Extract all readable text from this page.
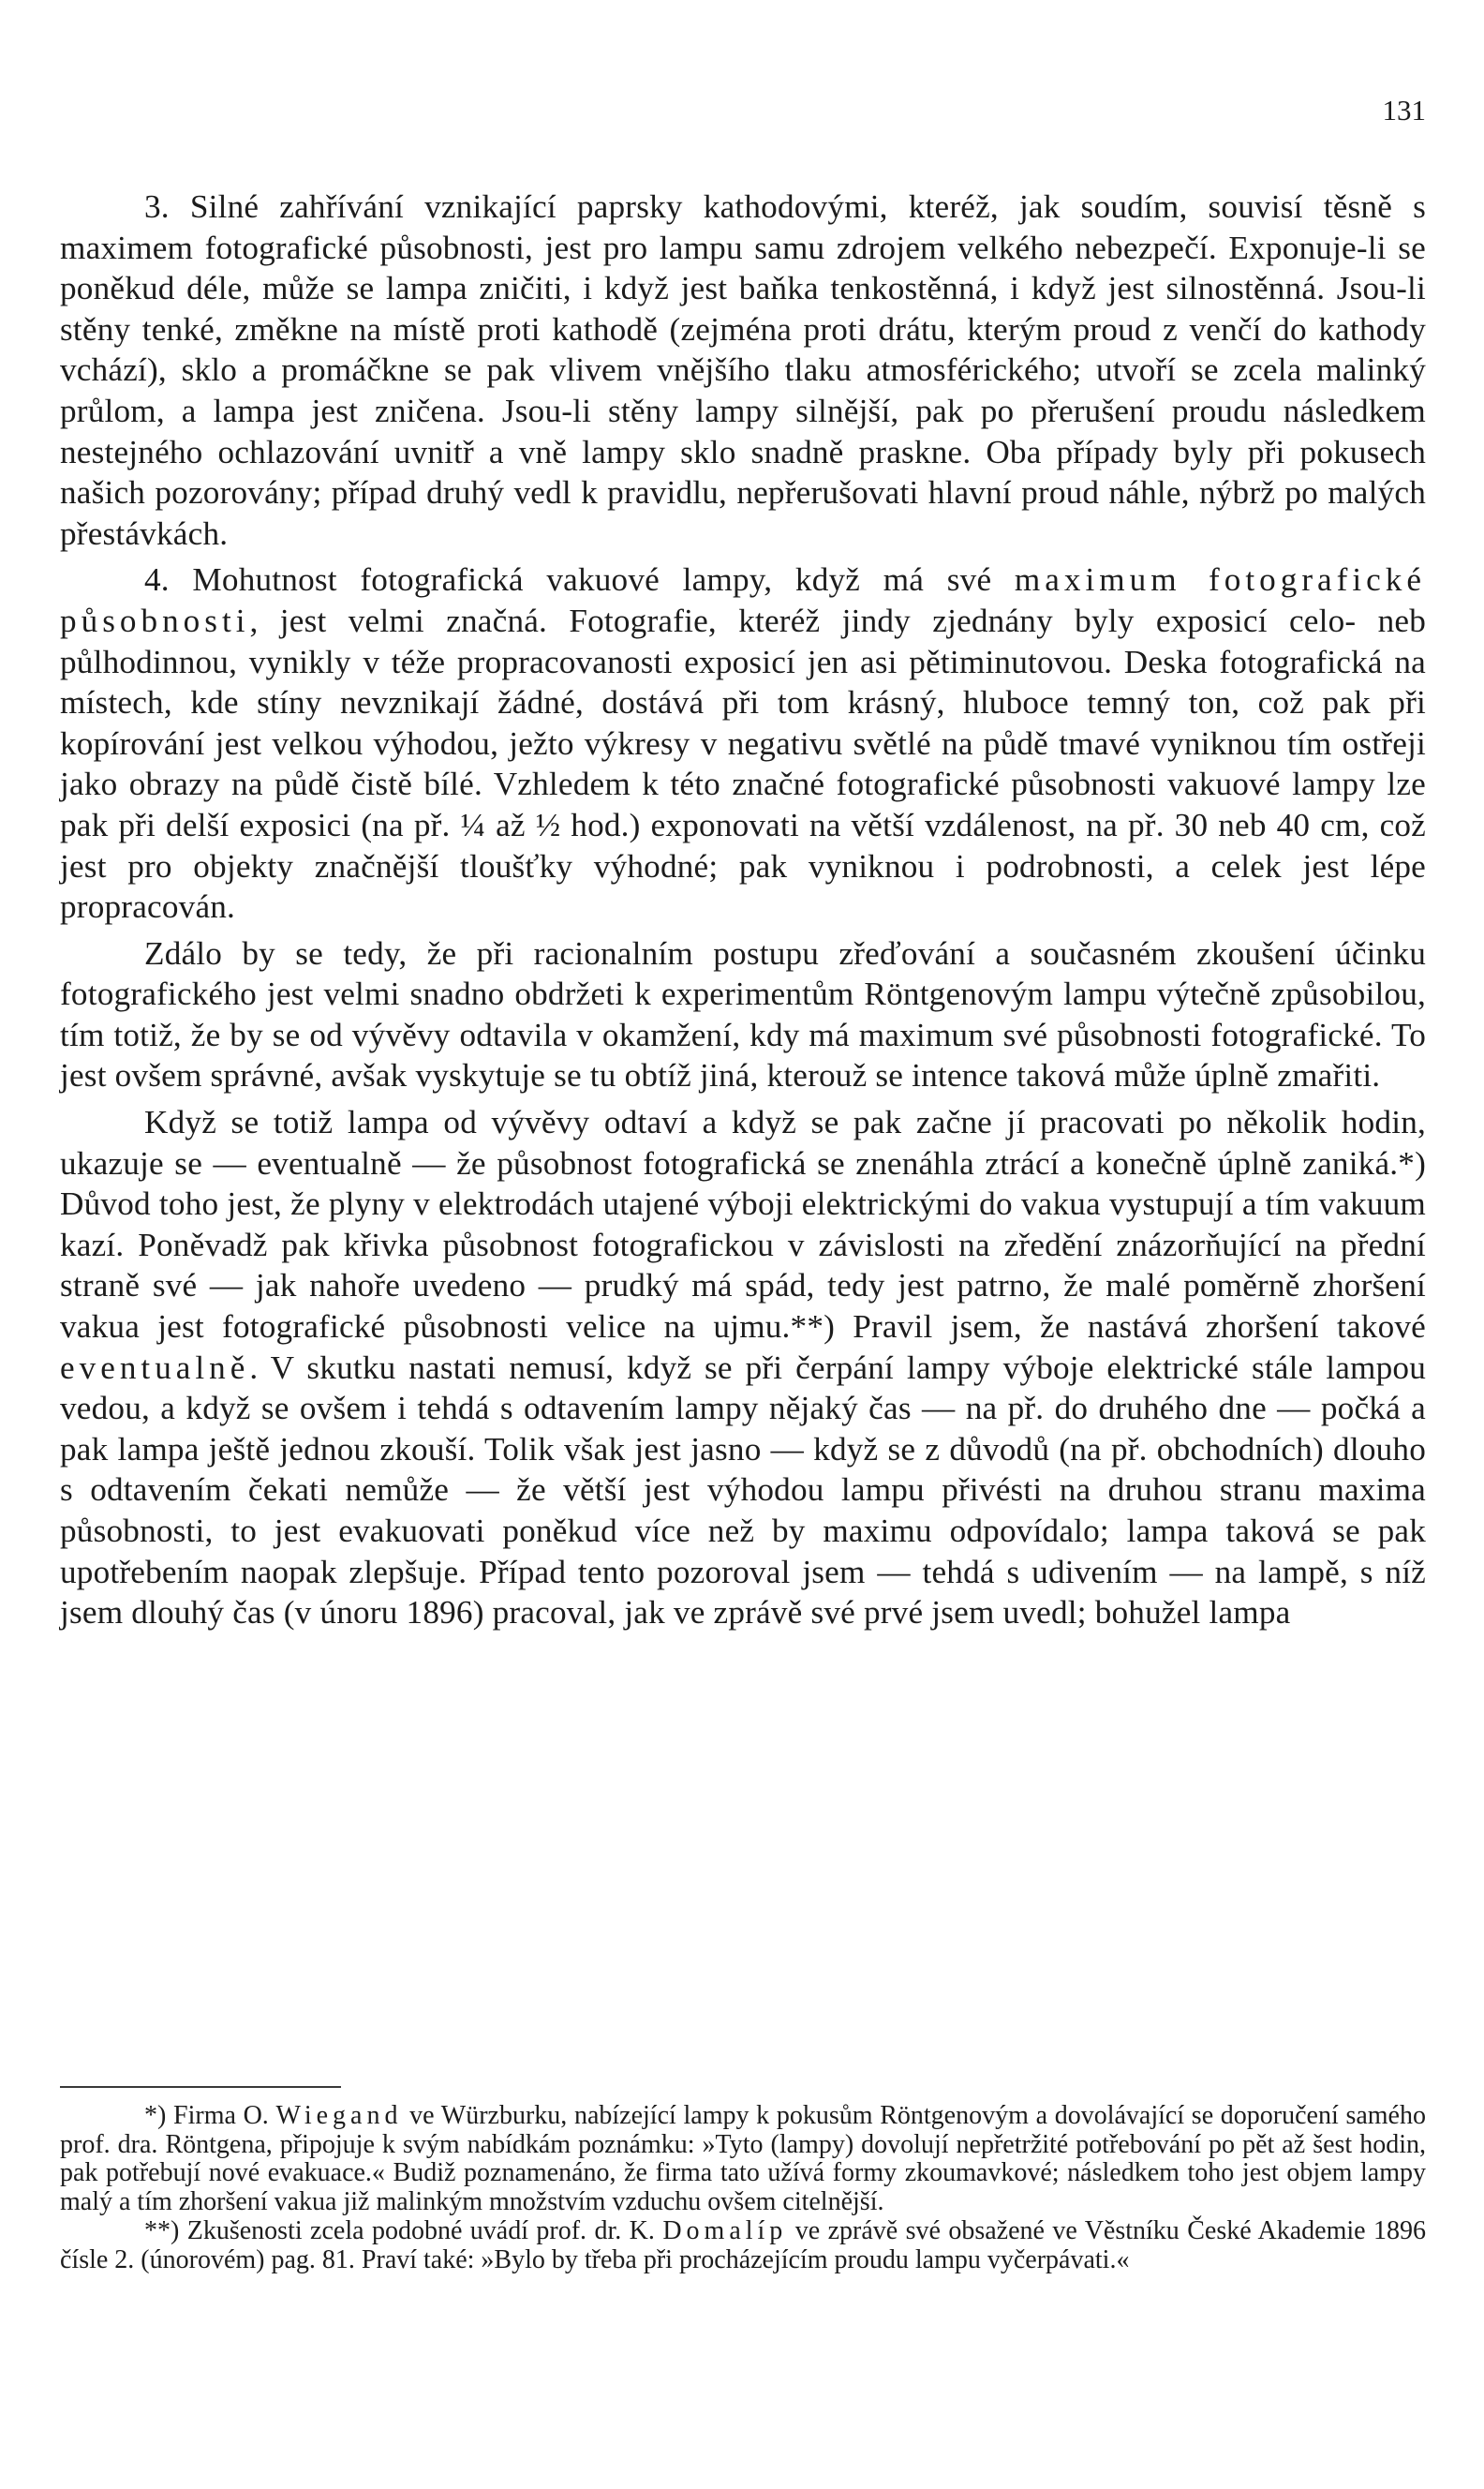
131

3. Silné zahřívání vznikající paprsky kathodovými, kteréž, jak soudím, souvisí těsně s maximem fotografické působnosti, jest pro lampu samu zdrojem velkého nebezpečí. Exponuje-li se poněkud déle, může se lampa zničiti, i když jest baňka tenkostěnná, i když jest silnostěnná. Jsou-li stěny tenké, změkne na místě proti kathodě (zejména proti drátu, kterým proud z venčí do kathody vchází), sklo a promáčkne se pak vlivem vnějšího tlaku atmosférického; utvoří se zcela malinký průlom, a lampa jest zničena. Jsou-li stěny lampy silnější, pak po přerušení proudu následkem nestejného ochlazování uvnitř a vně lampy sklo snadně praskne. Oba případy byly při pokusech našich pozorovány; případ druhý vedl k pravidlu, nepřerušovati hlavní proud náhle, nýbrž po malých přestávkách.

4. Mohutnost fotografická vakuové lampy, když má své maximum fotografické působnosti, jest velmi značná. Fotografie, kteréž jindy zjednány byly exposicí celo- neb půlhodinnou, vynikly v téže propracovanosti exposicí jen asi pětiminutovou. Deska fotografická na místech, kde stíny nevznikají žádné, dostává při tom krásný, hluboce temný ton, což pak při kopírování jest velkou výhodou, ježto výkresy v negativu světlé na půdě tmavé vyniknou tím ostřeji jako obrazy na půdě čistě bílé. Vzhledem k této značné fotografické působnosti vakuové lampy lze pak při delší exposici (na př. ¼ až ½ hod.) exponovati na větší vzdálenost, na př. 30 neb 40 cm, což jest pro objekty značnější tloušťky výhodné; pak vyniknou i podrobnosti, a celek jest lépe propracován.

Zdálo by se tedy, že při racionalním postupu zřeďování a současném zkoušení účinku fotografického jest velmi snadno obdržeti k experimentům Röntgenovým lampu výtečně způsobilou, tím totiž, že by se od vývěvy odtavila v okamžení, kdy má maximum své působnosti fotografické. To jest ovšem správné, avšak vyskytuje se tu obtíž jiná, kterouž se intence taková může úplně zmařiti.

Když se totiž lampa od vývěvy odtaví a když se pak začne jí pracovati po několik hodin, ukazuje se — eventualně — že působnost fotografická se znenáhla ztrácí a konečně úplně zaniká.*) Důvod toho jest, že plyny v elektrodách utajené výboji elektrickými do vakua vystupují a tím vakuum kazí. Poněvadž pak křivka působnost fotografickou v závislosti na zředění znázorňující na přední straně své — jak nahoře uvedeno — prudký má spád, tedy jest patrno, že malé poměrně zhoršení vakua jest fotografické působnosti velice na ujmu.**) Pravil jsem, že nastává zhoršení takové eventualně. V skutku nastati nemusí, když se při čerpání lampy výboje elektrické stále lampou vedou, a když se ovšem i tehdá s odtavením lampy nějaký čas — na př. do druhého dne — počká a pak lampa ještě jednou zkouší. Tolik však jest jasno — když se z důvodů (na př. obchodních) dlouho s odtavením čekati nemůže — že větší jest výhodou lampu přivésti na druhou stranu maxima působnosti, to jest evakuovati poněkud více než by maximu odpovídalo; lampa taková se pak upotřebením naopak zlepšuje. Případ tento pozoroval jsem — tehdá s udivením — na lampě, s níž jsem dlouhý čas (v únoru 1896) pracoval, jak ve zprávě své prvé jsem uvedl; bohužel lampa

*) Firma O. Wiegand ve Würzburku, nabízející lampy k pokusům Röntgenovým a dovolávající se doporučení samého prof. dra. Röntgena, připojuje k svým nabídkám poznámku: »Tyto (lampy) dovolují nepřetržité potřebování po pět až šest hodin, pak potřebují nové evakuace.« Budiž poznamenáno, že firma tato užívá formy zkoumavkové; následkem toho jest objem lampy malý a tím zhoršení vakua již malinkým množstvím vzduchu ovšem citelnější.

**) Zkušenosti zcela podobné uvádí prof. dr. K. Domalíp ve zprávě své obsažené ve Věstníku České Akademie 1896 čísle 2. (únorovém) pag. 81. Praví také: »Bylo by třeba při procházejícím proudu lampu vyčerpávati.«
